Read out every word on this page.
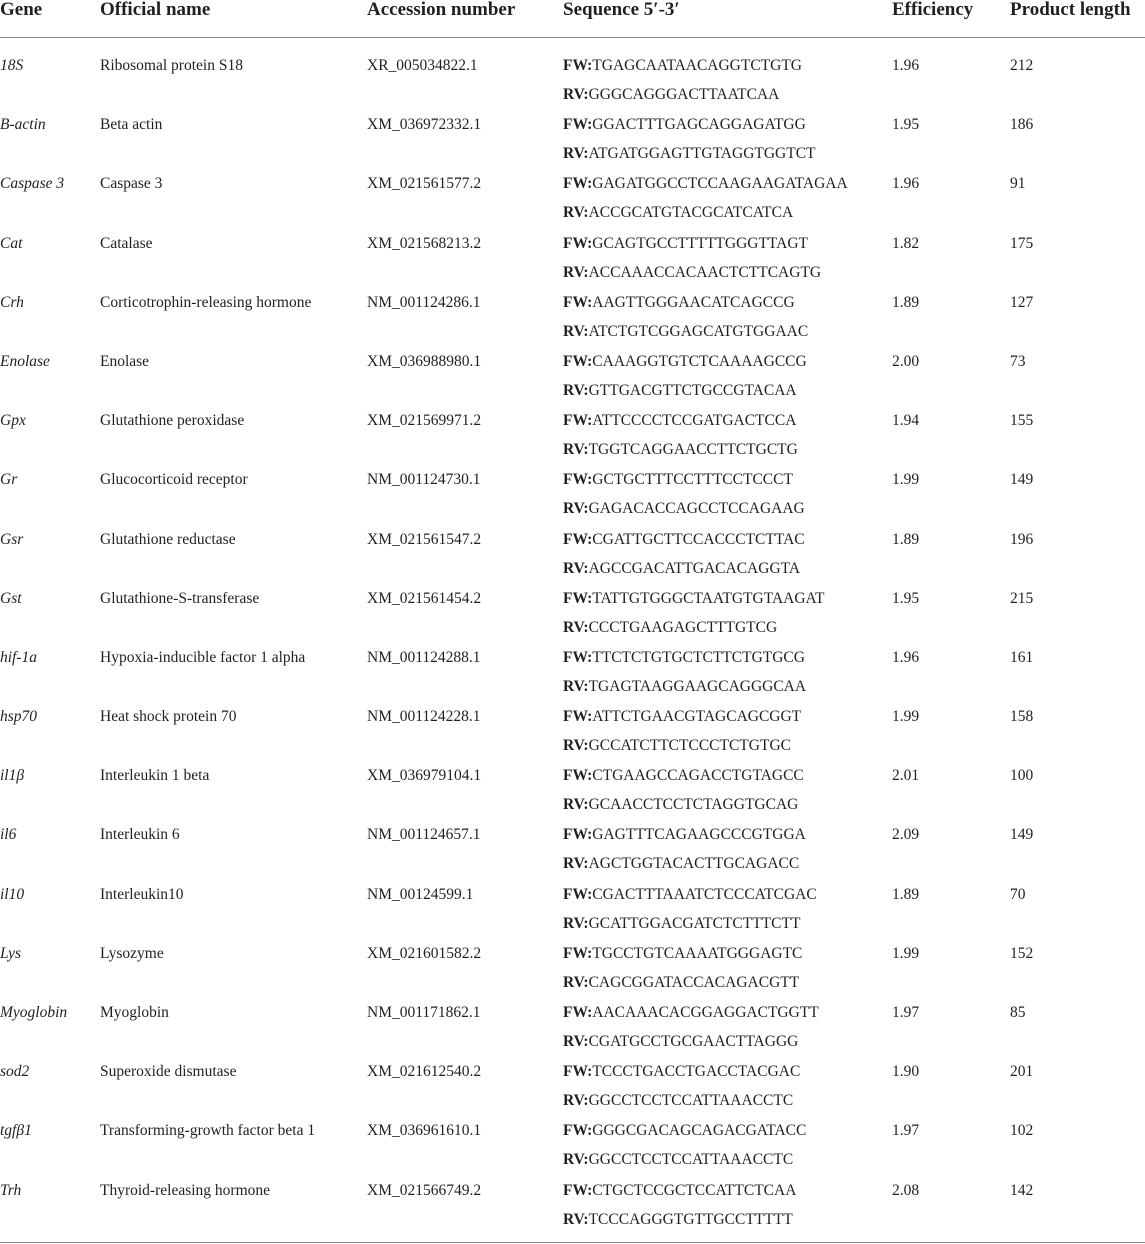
Gene	Official name	Accession number	Sequence 5′-3′	Efficiency	Product length

18S	Ribosomal protein S18	XR_005034822.1	FW:TGAGCAATAACAGGTCTGTG
RV:GGGCAGGGACTTAATCAA	1.96	212

B-actin	Beta actin	XM_036972332.1	FW:GGACTTTGAGCAGGAGATGG
RV:ATGATGGAGTTGTAGGTGGTCT	1.95	186

Caspase 3	Caspase 3	XM_021561577.2	FW:GAGATGGCCTCCAAGAAGATAGAA
RV:ACCGCATGTACGCATCATCA	1.96	91

Cat	Catalase	XM_021568213.2	FW:GCAGTGCCTTTTTGGGTTAGT
RV:ACCAAACCACAACTCTTCAGTG	1.82	175

Crh	Corticotrophin-releasing hormone	NM_001124286.1	FW:AAGTTGGGAACATCAGCCG
RV:ATCTGTCGGAGCATGTGGAAC	1.89	127

Enolase	Enolase	XM_036988980.1	FW:CAAAGGTGTCTCAAAAGCCG
RV:GTTGACGTTCTGCCGTACAA	2.00	73

Gpx	Glutathione peroxidase	XM_021569971.2	FW:ATTCCCCTCCGATGACTCCA
RV:TGGTCAGGAACCTTCTGCTG	1.94	155

Gr	Glucocorticoid receptor	NM_001124730.1	FW:GCTGCTTTCCTTTCCTCCCT
RV:GAGACACCAGCCTCCAGAAG	1.99	149

Gsr	Glutathione reductase	XM_021561547.2	FW:CGATTGCTTCCACCCTCTTAC
RV:AGCCGACATTGACACAGGTA	1.89	196

Gst	Glutathione-S-transferase	XM_021561454.2	FW:TATTGTGGGCTAATGTGTAAGAT
RV:CCCTGAAGAGCTTTGTCG	1.95	215

hif-1a	Hypoxia-inducible factor 1 alpha	NM_001124288.1	FW:TTCTCTGTGCTCTTCTGTGCG
RV:TGAGTAAGGAAGCAGGGCAA	1.96	161

hsp70	Heat shock protein 70	NM_001124228.1	FW:ATTCTGAACGTAGCAGCGGT
RV:GCCATCTTCTCCCTCTGTGC	1.99	158

il1β	Interleukin 1 beta	XM_036979104.1	FW:CTGAAGCCAGACCTGTAGCC
RV:GCAACCTCCTCTAGGTGCAG	2.01	100

il6	Interleukin 6	NM_001124657.1	FW:GAGTTTCAGAAGCCCGTGGA
RV:AGCTGGTACACTTGCAGACC	2.09	149

il10	Interleukin10	NM_00124599.1	FW:CGACTTTAAATCTCCCATCGAC
RV:GCATTGGACGATCTCTTTCTT	1.89	70

Lys	Lysozyme	XM_021601582.2	FW:TGCCTGTCAAAATGGGAGTC
RV:CAGCGGATACCACAGACGTT	1.99	152

Myoglobin	Myoglobin	NM_001171862.1	FW:AACAAACACGGAGGACTGGTT
RV:CGATGCCTGCGAACTTAGGG	1.97	85

sod2	Superoxide dismutase	XM_021612540.2	FW:TCCCTGACCTGACCTACGAC
RV:GGCCTCCTCCATTAAACCTC	1.90	201

tgfβ1	Transforming-growth factor beta 1	XM_036961610.1	FW:GGGCGACAGCAGACGATACC
RV:GGCCTCCTCCATTAAACCTC	1.97	102

Trh	Thyroid-releasing hormone	XM_021566749.2	FW:CTGCTCCGCTCCATTCTCAA
RV:TCCCAGGGTGTTGCCTTTTT	2.08	142
